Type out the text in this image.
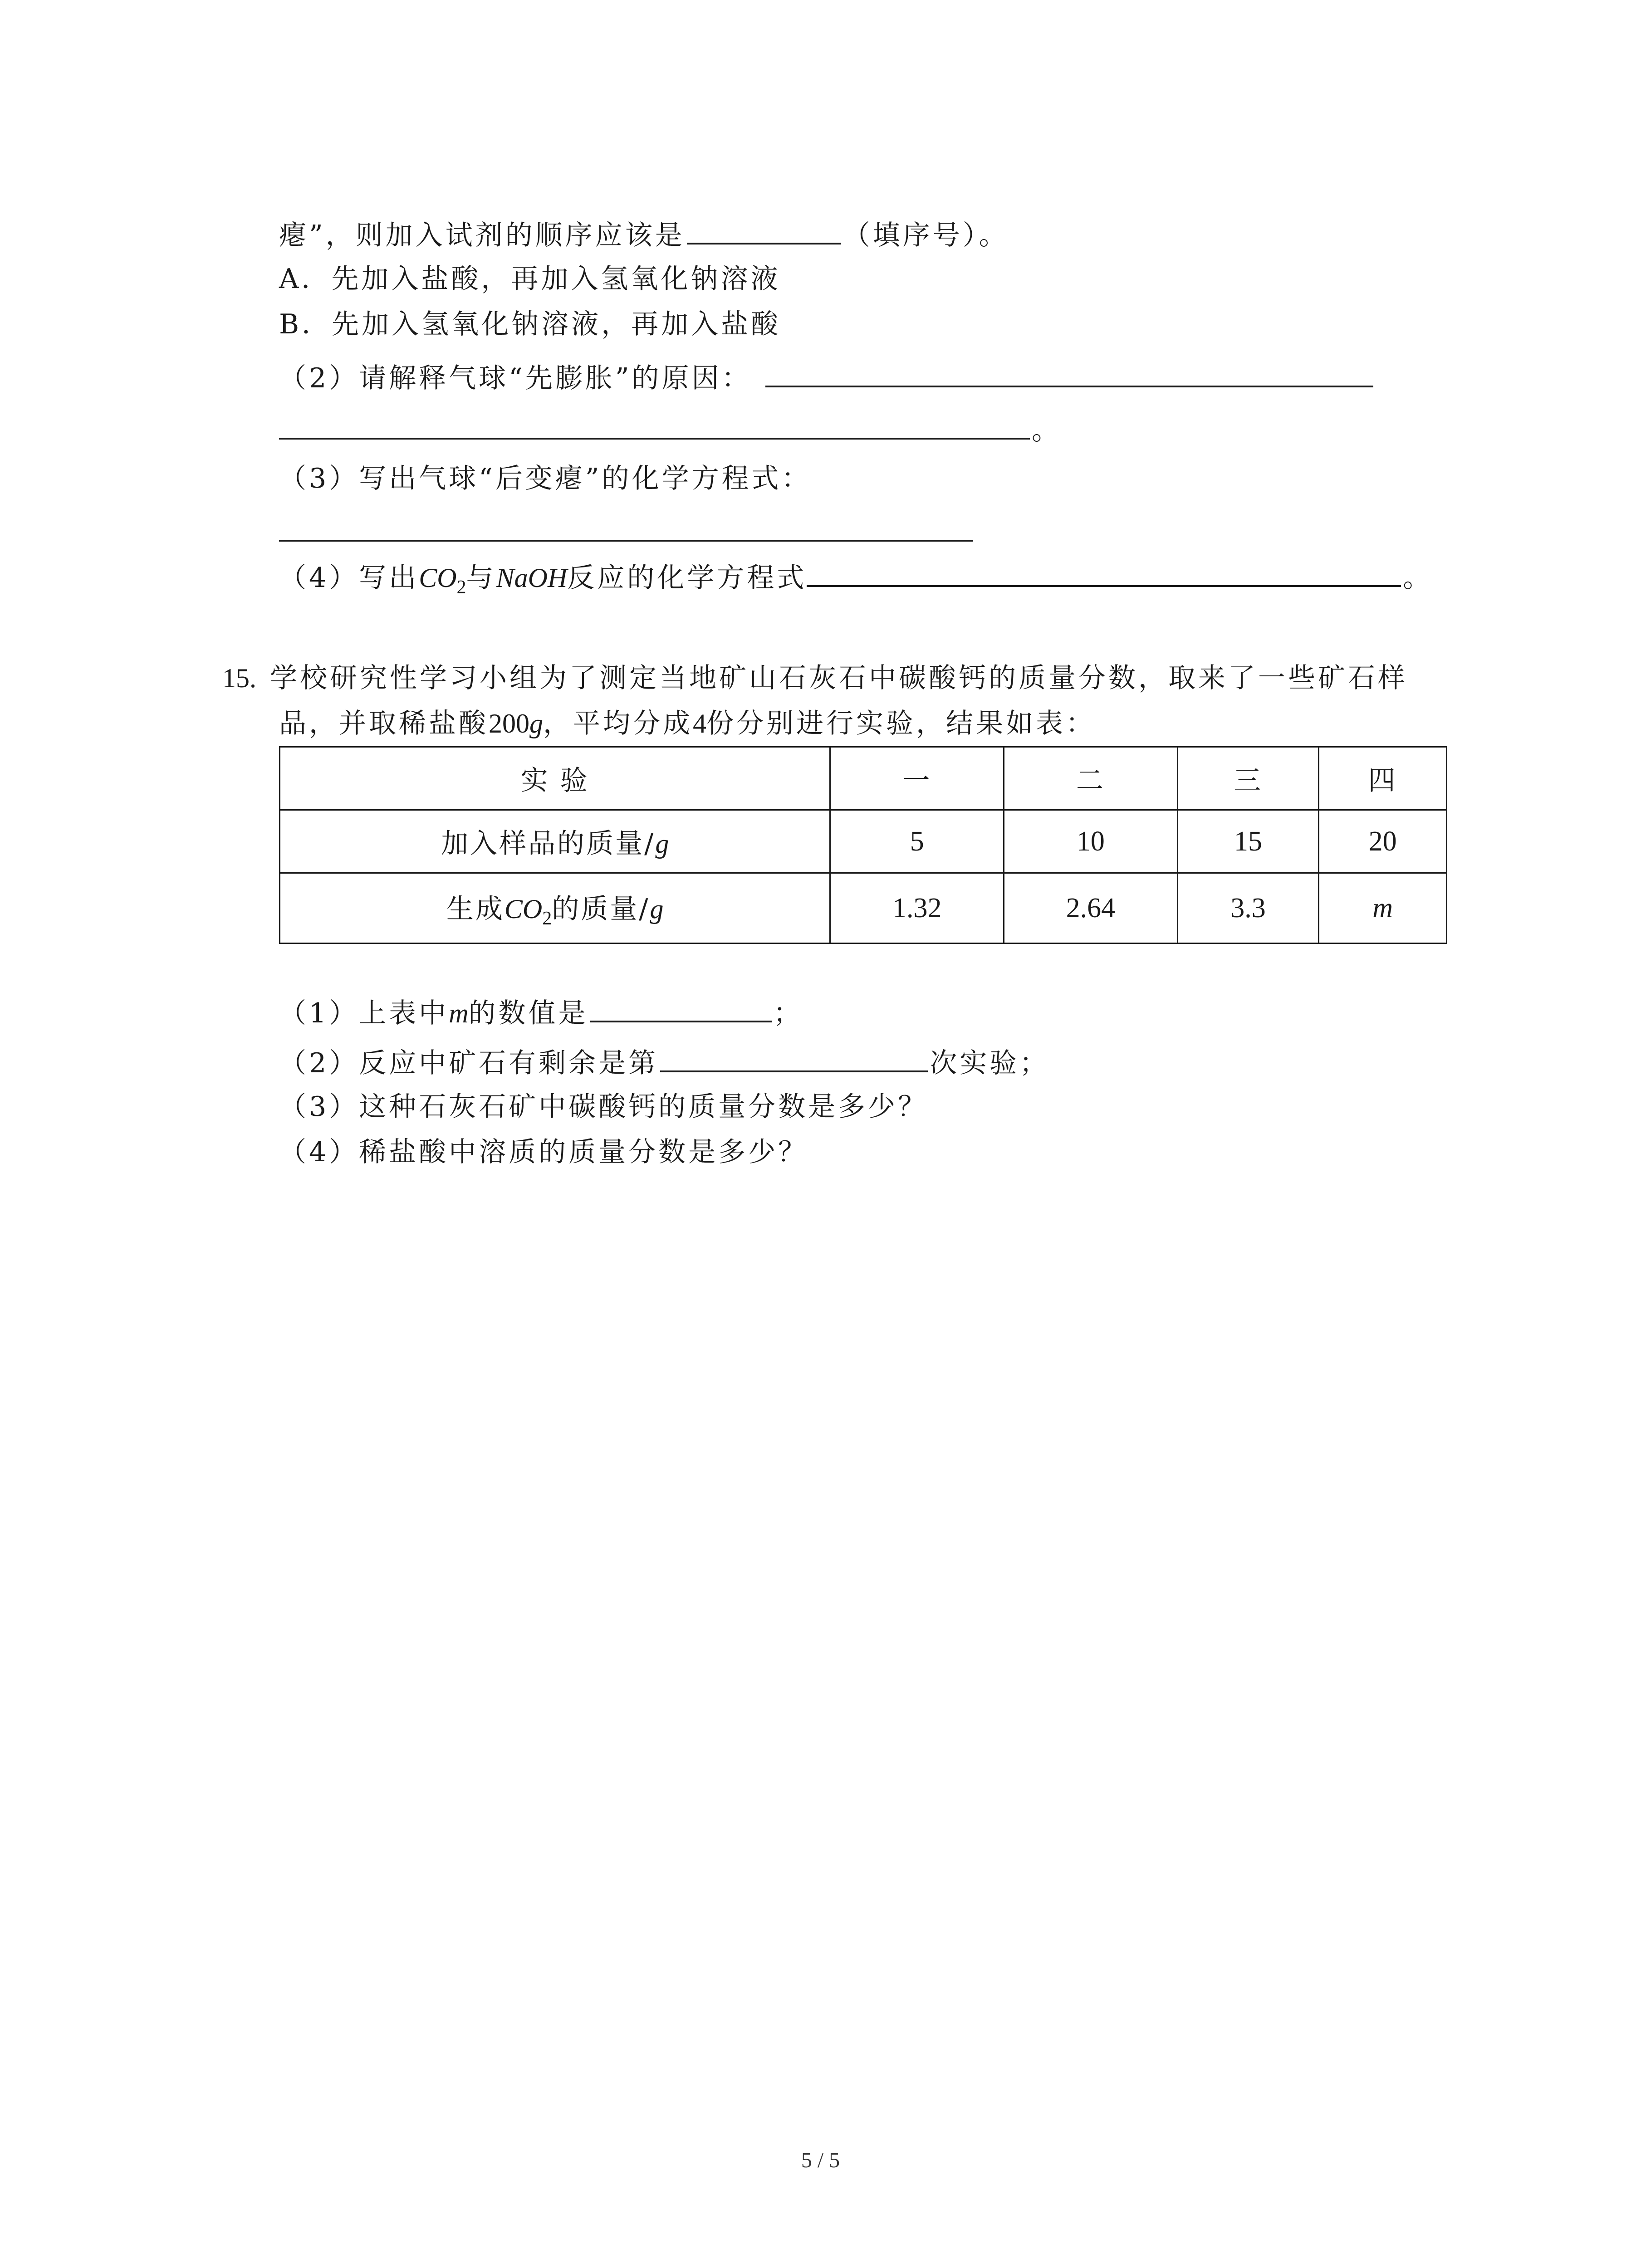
瘪”，则加入试剂的顺序应该是	（填序号）。
A．先加入盐酸，再加入氢氧化钠溶液
B．先加入氢氧化钠溶液，再加入盐酸
（2）请解释气球“先膨胀”的原因：
。
（3）写出气球“后变瘪”的化学方程式：
（4）写出$CO_2$与NaOH反应的化学方程式	。
15. 学校研究性学习小组为了测定当地矿山石灰石中碳酸钙的质量分数，取来了一些矿石样
品，并取稀盐酸200g，平均分成4份分别进行实验，结果如表：
实 验	一	二	三	四
加入样品的质量/g	5	10	15	20
生成$CO_2$的质量/g	1.32	2.64	3.3	m
（1）上表中m的数值是	；
（2）反应中矿石有剩余是第	次实验；
（3）这种石灰石矿中碳酸钙的质量分数是多少？
（4）稀盐酸中溶质的质量分数是多少？
5 / 5
